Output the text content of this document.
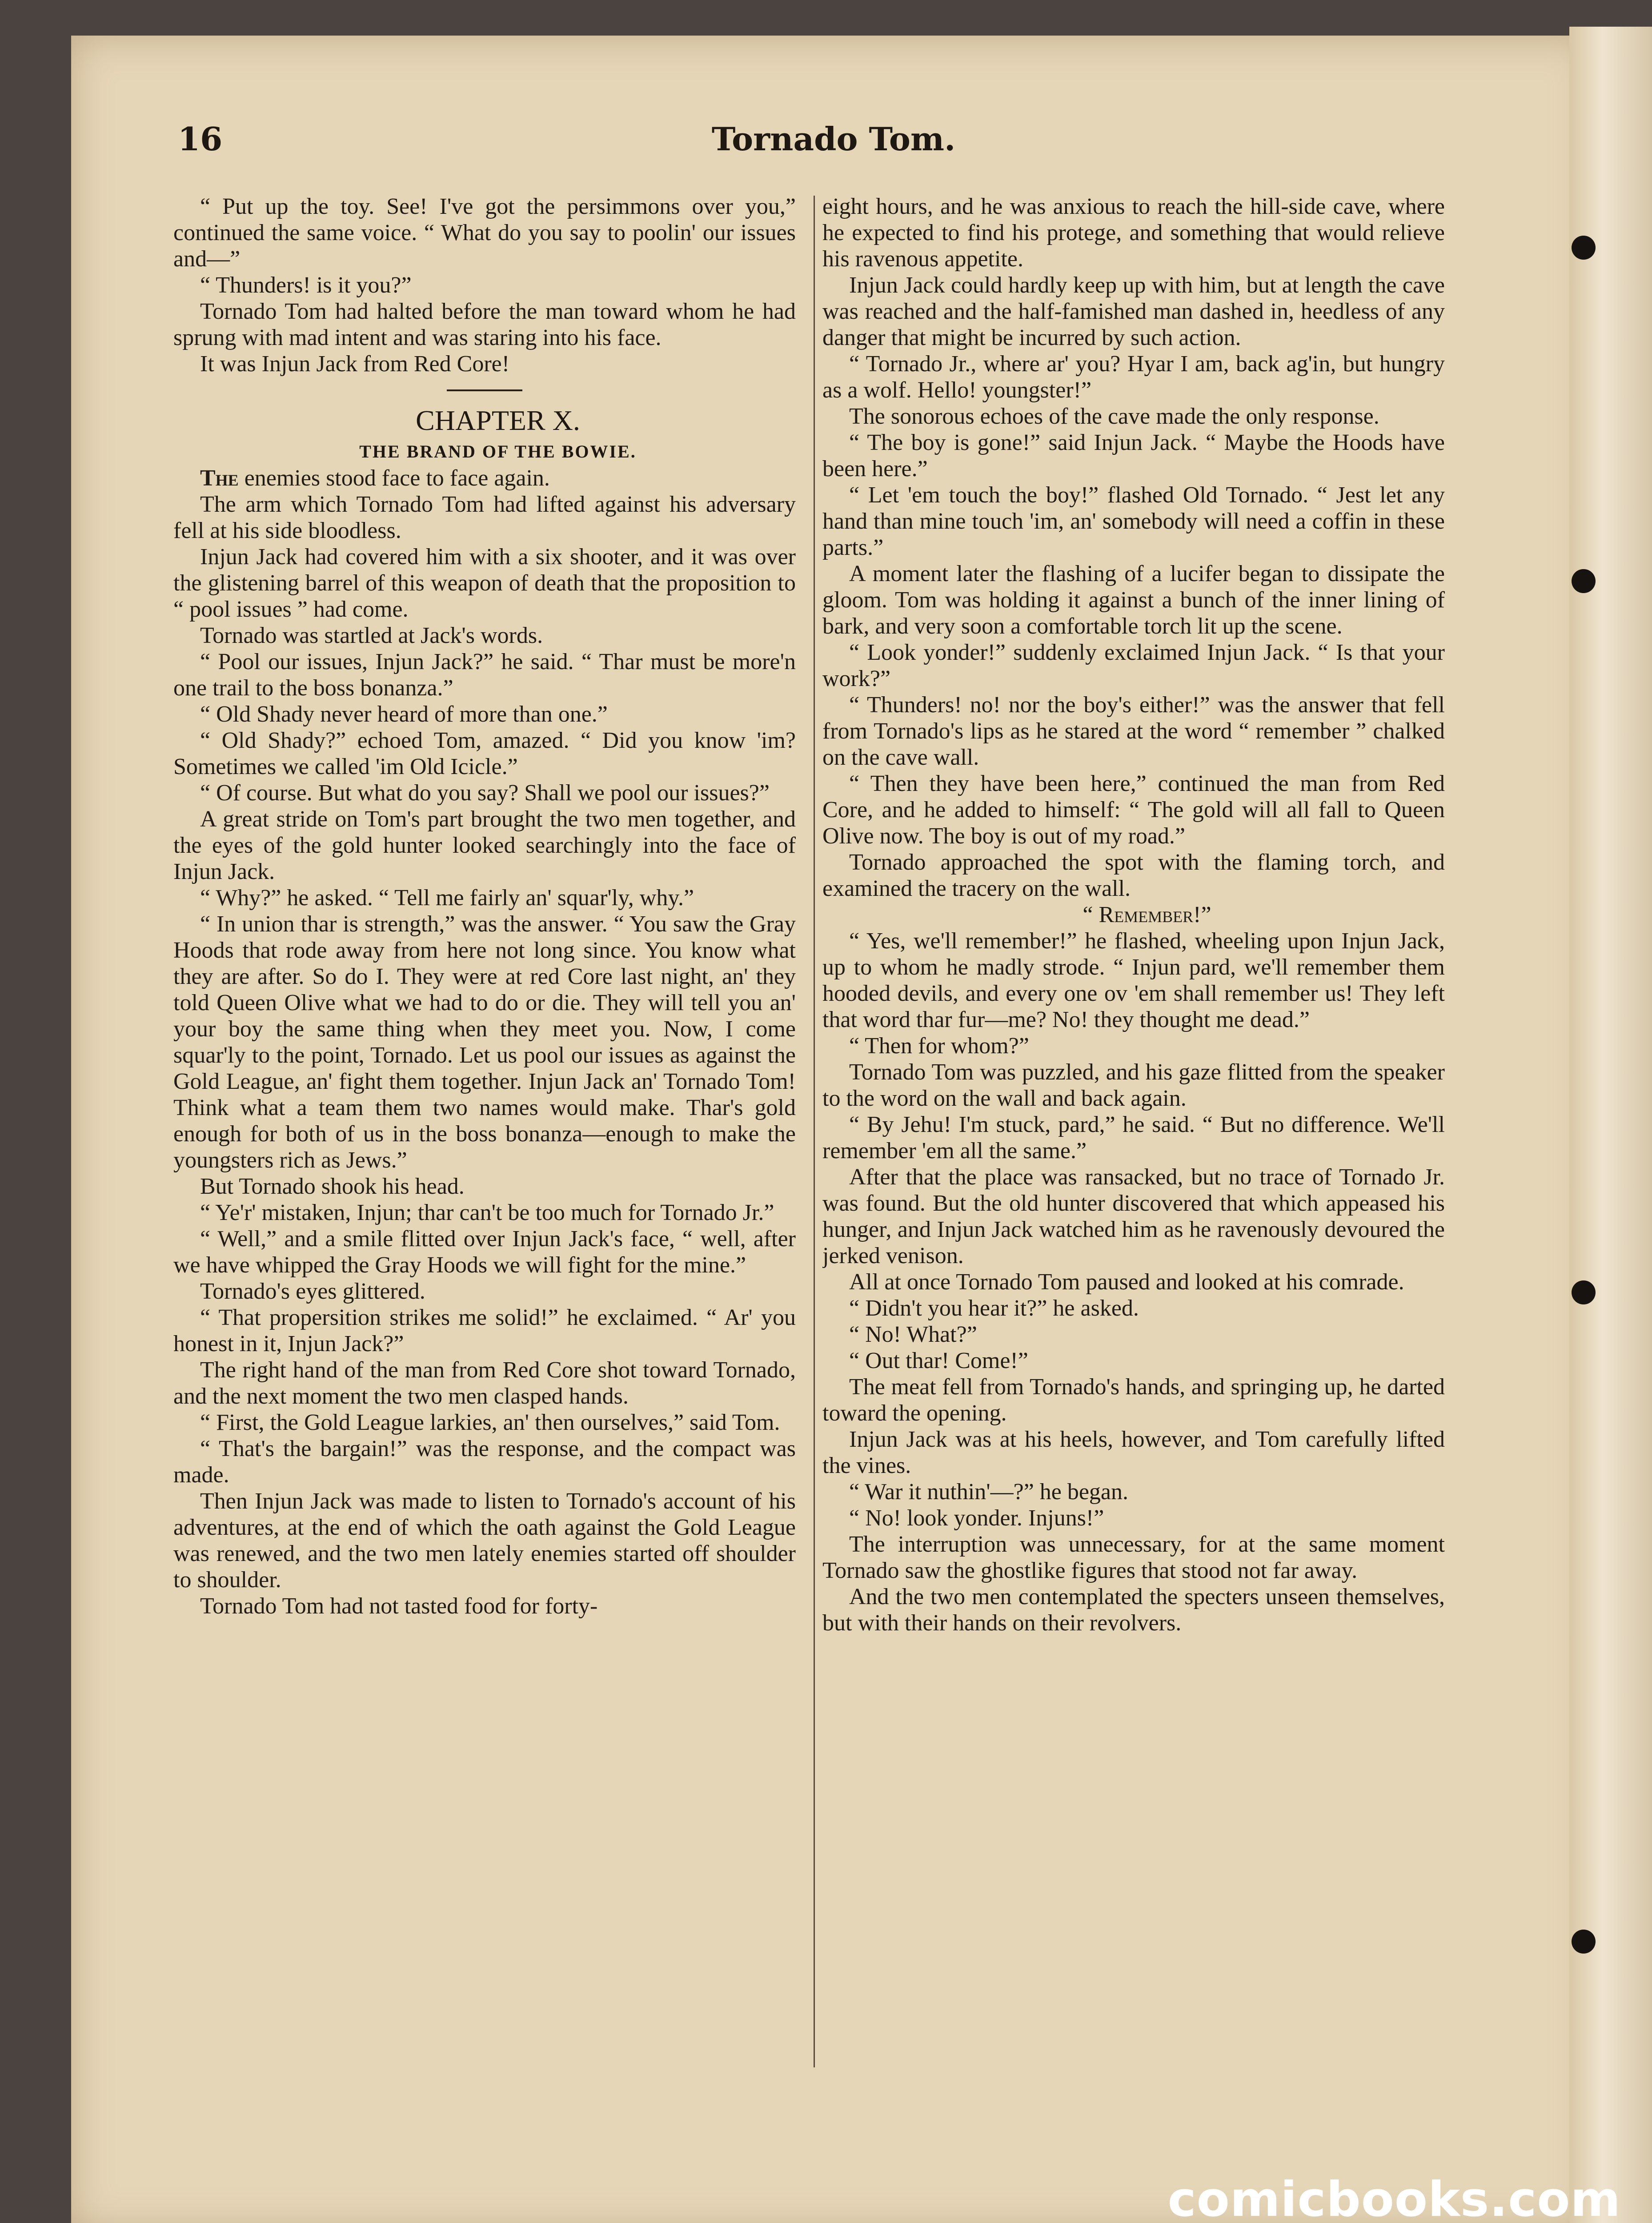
16	Tornado Tom.

“ Put up the toy. See! I've got the persimmons over you,” continued the same voice. “ What do you say to poolin' our issues and—”

“ Thunders! is it you?”

Tornado Tom had halted before the man toward whom he had sprung with mad intent and was staring into his face.

It was Injun Jack from Red Core!

CHAPTER X.

THE BRAND OF THE BOWIE.

The enemies stood face to face again.

The arm which Tornado Tom had lifted against his adversary fell at his side bloodless.

Injun Jack had covered him with a six shooter, and it was over the glistening barrel of this weapon of death that the proposition to “ pool issues ” had come.

Tornado was startled at Jack's words.

“ Pool our issues, Injun Jack?” he said. “ Thar must be more'n one trail to the boss bonanza.”

“ Old Shady never heard of more than one.”

“ Old Shady?” echoed Tom, amazed. “ Did you know 'im? Sometimes we called 'im Old Icicle.”

“ Of course. But what do you say? Shall we pool our issues?”

A great stride on Tom's part brought the two men together, and the eyes of the gold hunter looked searchingly into the face of Injun Jack.

“ Why?” he asked. “ Tell me fairly an' squar'ly, why.”

“ In union thar is strength,” was the answer. “ You saw the Gray Hoods that rode away from here not long since. You know what they are after. So do I. They were at red Core last night, an' they told Queen Olive what we had to do or die. They will tell you an' your boy the same thing when they meet you. Now, I come squar'ly to the point, Tornado. Let us pool our issues as against the Gold League, an' fight them together. Injun Jack an' Tornado Tom! Think what a team them two names would make. Thar's gold enough for both of us in the boss bonanza—enough to make the youngsters rich as Jews.”

But Tornado shook his head.

“ Ye'r' mistaken, Injun; thar can't be too much for Tornado Jr.”

“ Well,” and a smile flitted over Injun Jack's face, “ well, after we have whipped the Gray Hoods we will fight for the mine.”

Tornado's eyes glittered.

“ That propersition strikes me solid!” he exclaimed. “ Ar' you honest in it, Injun Jack?”

The right hand of the man from Red Core shot toward Tornado, and the next moment the two men clasped hands.

“ First, the Gold League larkies, an' then ourselves,” said Tom.

“ That's the bargain!” was the response, and the compact was made.

Then Injun Jack was made to listen to Tornado's account of his adventures, at the end of which the oath against the Gold League was renewed, and the two men lately enemies started off shoulder to shoulder.

Tornado Tom had not tasted food for forty-

eight hours, and he was anxious to reach the hill-side cave, where he expected to find his protege, and something that would relieve his ravenous appetite.

Injun Jack could hardly keep up with him, but at length the cave was reached and the half-famished man dashed in, heedless of any danger that might be incurred by such action.

“ Tornado Jr., where ar' you? Hyar I am, back ag'in, but hungry as a wolf. Hello! youngster!”

The sonorous echoes of the cave made the only response.

“ The boy is gone!” said Injun Jack. “ Maybe the Hoods have been here.”

“ Let 'em touch the boy!” flashed Old Tornado. “ Jest let any hand than mine touch 'im, an' somebody will need a coffin in these parts.”

A moment later the flashing of a lucifer began to dissipate the gloom. Tom was holding it against a bunch of the inner lining of bark, and very soon a comfortable torch lit up the scene.

“ Look yonder!” suddenly exclaimed Injun Jack. “ Is that your work?”

“ Thunders! no! nor the boy's either!” was the answer that fell from Tornado's lips as he stared at the word “ remember ” chalked on the cave wall.

“ Then they have been here,” continued the man from Red Core, and he added to himself: “ The gold will all fall to Queen Olive now. The boy is out of my road.”

Tornado approached the spot with the flaming torch, and examined the tracery on the wall.

“ Remember!”

“ Yes, we'll remember!” he flashed, wheeling upon Injun Jack, up to whom he madly strode. “ Injun pard, we'll remember them hooded devils, and every one ov 'em shall remember us! They left that word thar fur—me? No! they thought me dead.”

“ Then for whom?”

Tornado Tom was puzzled, and his gaze flitted from the speaker to the word on the wall and back again.

“ By Jehu! I'm stuck, pard,” he said. “ But no difference. We'll remember 'em all the same.”

After that the place was ransacked, but no trace of Tornado Jr. was found. But the old hunter discovered that which appeased his hunger, and Injun Jack watched him as he ravenously devoured the jerked venison.

All at once Tornado Tom paused and looked at his comrade.

“ Didn't you hear it?” he asked.

“ No! What?”

“ Out thar! Come!”

The meat fell from Tornado's hands, and springing up, he darted toward the opening.

Injun Jack was at his heels, however, and Tom carefully lifted the vines.

“ War it nuthin'—?” he began.

“ No! look yonder. Injuns!”

The interruption was unnecessary, for at the same moment Tornado saw the ghostlike figures that stood not far away.

And the two men contemplated the specters unseen themselves, but with their hands on their revolvers.

comicbooks.com
